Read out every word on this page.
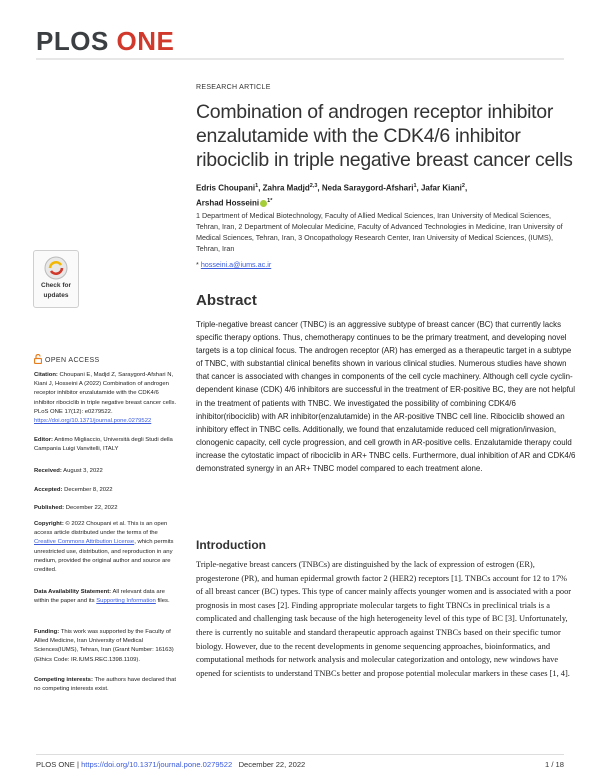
PLOS ONE
RESEARCH ARTICLE
Combination of androgen receptor inhibitor enzalutamide with the CDK4/6 inhibitor ribociclib in triple negative breast cancer cells
Edris Choupani$^1$, Zahra Madjd$^{2,3}$, Neda Saraygord-Afshari$^1$, Jafar Kiani$^2$,
Arshad Hosseini $^{1*}$
1 Department of Medical Biotechnology, Faculty of Allied Medical Sciences, Iran University of Medical Sciences, Tehran, Iran, 2 Department of Molecular Medicine, Faculty of Advanced Technologies in Medicine, Iran University of Medical Sciences, Tehran, Iran, 3 Oncopathology Research Center, Iran University of Medical Sciences, (IUMS), Tehran, Iran
* hosseini.a@iums.ac.ir
Abstract

Triple-negative breast cancer (TNBC) is an aggressive subtype of breast cancer (BC) that currently lacks specific therapy options. Thus, chemotherapy continues to be the primary treatment, and developing novel targets is a top clinical focus. The androgen receptor (AR) has emerged as a therapeutic target in a subtype of TNBC, with substantial clinical benefits shown in various clinical studies. Numerous studies have shown that cancer is associated with changes in components of the cell cycle machinery. Although cell cycle cyclin-dependent kinase (CDK) 4/6 inhibitors are successful in the treatment of ER-positive BC, they are not helpful in the treatment of patients with TNBC. We investigated the possibility of combining CDK4/6 inhibitor(ribociclib) with AR inhibitor(enzalutamide) in the AR-positive TNBC cell line. Ribociclib showed an inhibitory effect in TNBC cells. Additionally, we found that enzalutamide reduced cell migration/invasion, clonogenic capacity, cell cycle progression, and cell growth in AR-positive cells. Enzalutamide therapy could increase the cytostatic impact of ribociclib in AR+ TNBC cells. Furthermore, dual inhibition of AR and CDK4/6 demonstrated synergy in an AR+ TNBC model compared to each treatment alone.

Introduction

Triple-negative breast cancers (TNBCs) are distinguished by the lack of expression of estrogen (ER), progesterone (PR), and human epidermal growth factor 2 (HER2) receptors [1]. TNBCs account for 12 to 17% of all breast cancer (BC) types. This type of cancer mainly affects younger women and is associated with a poor prognosis in most cases [2]. Finding appropriate molecular targets to fight TBNCs in preclinical trials is a complicated and challenging task because of the high heterogeneity level of this type of BC [3]. Unfortunately, there is currently no suitable and standard therapeutic approach against TNBCs based on their specific tumor biology. However, due to the recent developments in genome sequencing approaches, bioinformatics, and computational methods for network analysis and molecular categorization and ontology, new windows have opened for scientists to understand TNBCs better and propose potential molecular markers in these cases [1, 4].

Check for
updates
OPEN ACCESS
Citation: Choupani E, Madjd Z, Saraygord-Afshari N, Kiani J, Hosseini A (2022) Combination of androgen receptor inhibitor enzalutamide with the CDK4/6 inhibitor ribociclib in triple negative breast cancer cells. PLoS ONE 17(12): e0279522. https://doi.org/10.1371/journal.pone.0279522
Editor: Antimo Migliaccio, Università degli Studi della Campania Luigi Vanvitelli, ITALY
Received: August 3, 2022
Accepted: December 8, 2022
Published: December 22, 2022
Copyright: © 2022 Choupani et al. This is an open access article distributed under the terms of the Creative Commons Attribution License, which permits unrestricted use, distribution, and reproduction in any medium, provided the original author and source are credited.
Data Availability Statement: All relevant data are within the paper and its Supporting Information files.
Funding: This work was supported by the Faculty of Allied Medicine, Iran University of Medical Sciences(IUMS), Tehran, Iran (Grant Number: 16163) (Ethics Code: IR.IUMS.REC.1398.1109).
Competing interests: The authors have declared that no competing interests exist.
PLOS ONE | https://doi.org/10.1371/journal.pone.0279522 December 22, 2022	1 / 18
